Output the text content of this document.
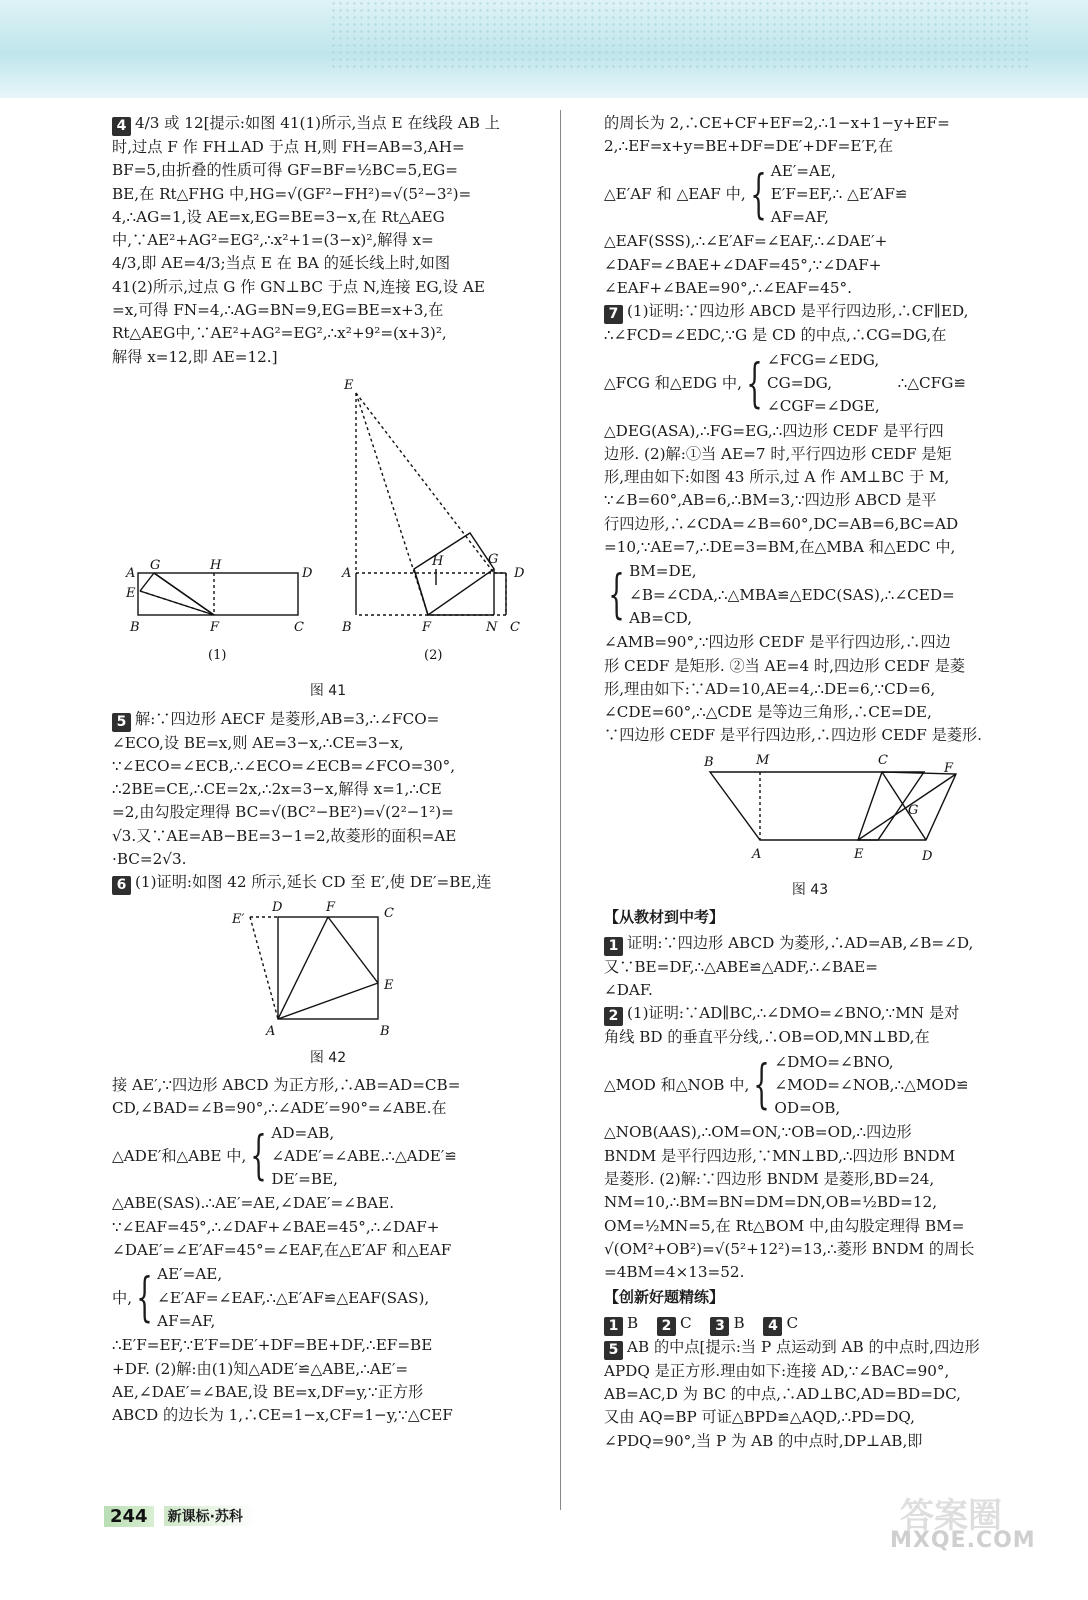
4 4/3 或 12[提示:如图 41(1)所示,当点 E 在线段 AB 上

时,过点 F 作 FH⊥AD 于点 H,则 FH=AB=3,AH=

BF=5,由折叠的性质可得 GF=BF=½BC=5,EG=

BE,在 Rt△FHG 中,HG=√(GF²−FH²)=√(5²−3²)=

4,∴AG=1,设 AE=x,EG=BE=3−x,在 Rt△AEG

中,∵AE²+AG²=EG²,∴x²+1=(3−x)²,解得 x=

4/3,即 AE=4/3;当点 E 在 BA 的延长线上时,如图

41(2)所示,过点 G 作 GN⊥BC 于点 N,连接 EG,设 AE

=x,可得 FN=4,∴AG=BN=9,EG=BE=x+3,在

Rt△AEG中,∵AE²+AG²=EG²,∴x²+9²=(x+3)²,

解得 x=12,即 AE=12.]

A
G	H
D
E
B	F	C
(1)
E
A
H	G
D
B	F	N C
(2)
图 41

5 解:∵四边形 AECF 是菱形,AB=3,∴∠FCO=

∠ECO,设 BE=x,则 AE=3−x,∴CE=3−x,

∵∠ECO=∠ECB,∴∠ECO=∠ECB=∠FCO=30°,

∴2BE=CE,∴CE=2x,∴2x=3−x,解得 x=1,∴CE

=2,由勾股定理得 BC=√(BC²−BE²)=√(2²−1²)=

√3.又∵AE=AB−BE=3−1=2,故菱形的面积=AE

·BC=2√3.

6 (1)证明:如图 42 所示,延长 CD 至 E′,使 DE′=BE,连

D	F	C
E′
E
A	B
图 42

接 AE′,∵四边形 ABCD 为正方形,∴AB=AD=CB=

CD,∠BAD=∠B=90°,∴∠ADE′=90°=∠ABE.在

△ADE′和△ABE 中, { AD=AB,
∠ADE′=∠ABE.∴△ADE′≌
DE′=BE,

△ABE(SAS).∴AE′=AE,∠DAE′=∠BAE.

∵∠EAF=45°,∴∠DAF+∠BAE=45°,∴∠DAF+

∠DAE′=∠E′AF=45°=∠EAF,在△E′AF 和△EAF

中, { AE′=AE,
∠E′AF=∠EAF,∴△E′AF≌△EAF(SAS),
AF=AF,

∴E′F=EF,∵E′F=DE′+DF=BE+DF,∴EF=BE

+DF. (2)解:由(1)知△ADE′≌△ABE,∴AE′=

AE,∠DAE′=∠BAE,设 BE=x,DF=y,∵正方形

ABCD 的边长为 1,∴CE=1−x,CF=1−y,∵△CEF

的周长为 2,∴CE+CF+EF=2,∴1−x+1−y+EF=

2,∴EF=x+y=BE+DF=DE′+DF=E′F,在

△E′AF 和 △EAF 中, { AE′=AE,
E′F=EF,∴ △E′AF≌
AF=AF,

△EAF(SSS),∴∠E′AF=∠EAF,∴∠DAE′+

∠DAF=∠BAE+∠DAF=45°,∵∠DAF+

∠EAF+∠BAE=90°,∴∠EAF=45°.

7 (1)证明:∵四边形 ABCD 是平行四边形,∴CF∥ED,

∴∠FCD=∠EDC,∵G 是 CD 的中点,∴CG=DG,在

△FCG 和△EDG 中, { ∠FCG=∠EDG,
CG=DG,
∠CGF=∠DGE,
∴△CFG≌

△DEG(ASA),∴FG=EG,∴四边形 CEDF 是平行四

边形. (2)解:①当 AE=7 时,平行四边形 CEDF 是矩

形,理由如下:如图 43 所示,过 A 作 AM⊥BC 于 M,

∵∠B=60°,AB=6,∴BM=3,∵四边形 ABCD 是平

行四边形,∴∠CDA=∠B=60°,DC=AB=6,BC=AD

=10,∵AE=7,∴DE=3=BM,在△MBA 和△EDC 中,

{ BM=DE,
∠B=∠CDA,∴△MBA≌△EDC(SAS),∴∠CED=
AB=CD,

∠AMB=90°,∵四边形 CEDF 是平行四边形,∴四边

形 CEDF 是矩形. ②当 AE=4 时,四边形 CEDF 是菱

形,理由如下:∵AD=10,AE=4,∴DE=6,∵CD=6,

∠CDE=60°,∴△CDE 是等边三角形,∴CE=DE,

∵四边形 CEDF 是平行四边形,∴四边形 CEDF 是菱形.

B	M	C
F
G
A	E	D
图 43
【从教材到中考】

1 证明:∵四边形 ABCD 为菱形,∴AD=AB,∠B=∠D,

又∵BE=DF,∴△ABE≌△ADF,∴∠BAE=

∠DAF.

2 (1)证明:∵AD∥BC,∴∠DMO=∠BNO,∵MN 是对

角线 BD 的垂直平分线,∴OB=OD,MN⊥BD,在

△MOD 和△NOB 中, { ∠DMO=∠BNO,
∠MOD=∠NOB,∴△MOD≌
OD=OB,

△NOB(AAS),∴OM=ON,∵OB=OD,∴四边形

BNDM 是平行四边形,∵MN⊥BD,∴四边形 BNDM

是菱形. (2)解:∵四边形 BNDM 是菱形,BD=24,

NM=10,∴BM=BN=DM=DN,OB=½BD=12,

OM=½MN=5,在 Rt△BOM 中,由勾股定理得 BM=

√(OM²+OB²)=√(5²+12²)=13,∴菱形 BNDM 的周长

=4BM=4×13=52.

【创新好题精练】

1 B 2 C 3 B 4 C

5 AB 的中点[提示:当 P 点运动到 AB 的中点时,四边形

APDQ 是正方形.理由如下:连接 AD,∵∠BAC=90°,

AB=AC,D 为 BC 的中点,∴AD⊥BC,AD=BD=DC,

又由 AQ=BP 可证△BPD≌△AQD,∴PD=DQ,

∠PDQ=90°,当 P 为 AB 的中点时,DP⊥AB,即

244	新课标·苏科	答案圈
MXQE.COM
